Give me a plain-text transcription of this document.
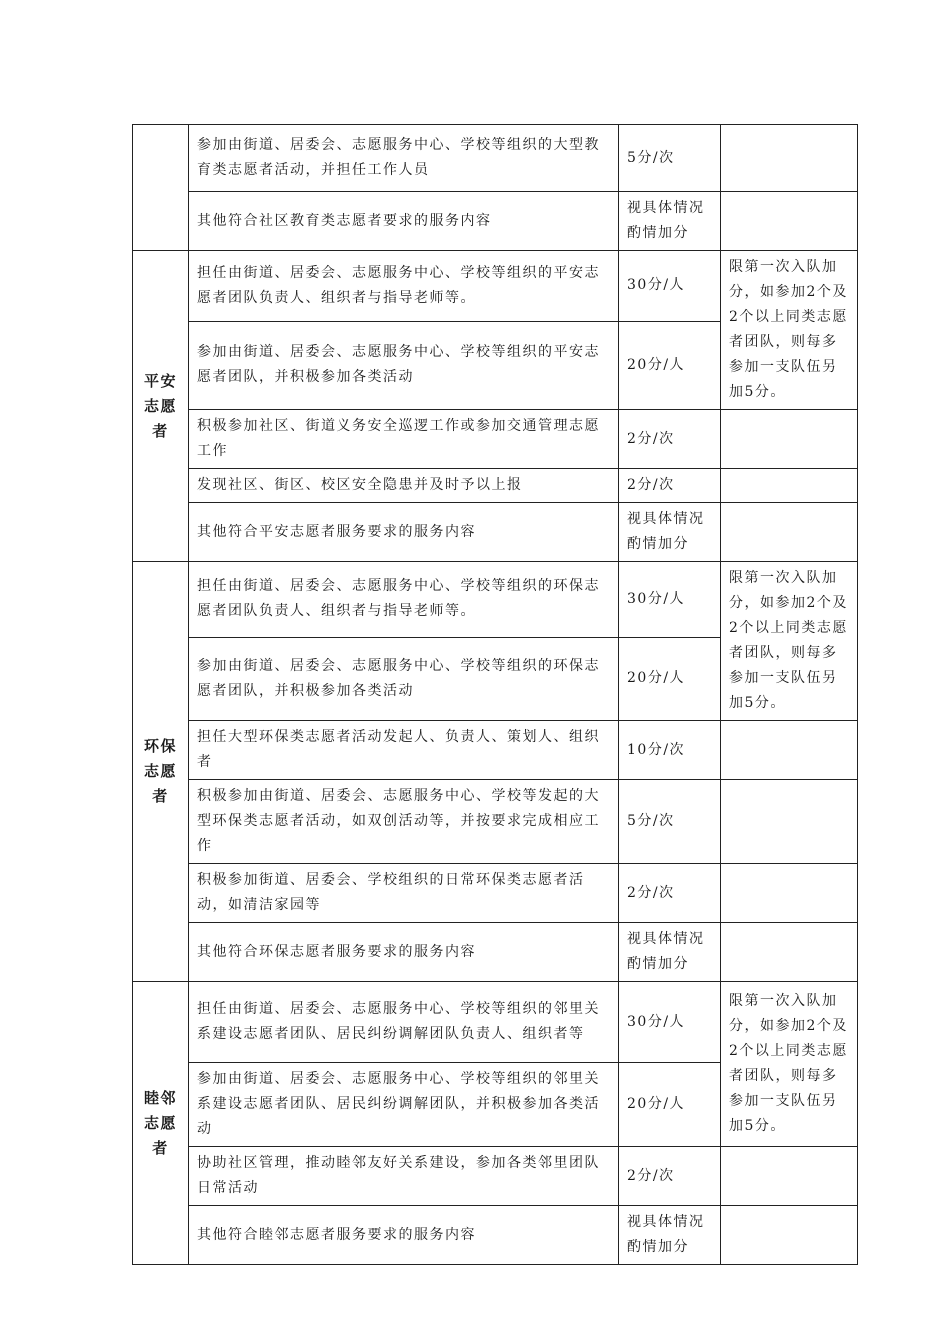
	参加由街道、居委会、志愿服务中心、学校等组织的大型教育类志愿者活动，并担任工作人员	5分/次	
	其他符合社区教育类志愿者要求的服务内容	视具体情况酌情加分	
平安志愿者	担任由街道、居委会、志愿服务中心、学校等组织的平安志愿者团队负责人、组织者与指导老师等。	30分/人	限第一次入队加分，如参加2个及2个以上同类志愿者团队，则每多参加一支队伍另加5分。
	参加由街道、居委会、志愿服务中心、学校等组织的平安志愿者团队，并积极参加各类活动	20分/人	
	积极参加社区、街道义务安全巡逻工作或参加交通管理志愿工作	2分/次	
	发现社区、街区、校区安全隐患并及时予以上报	2分/次	
	其他符合平安志愿者服务要求的服务内容	视具体情况酌情加分	
环保志愿者	担任由街道、居委会、志愿服务中心、学校等组织的环保志愿者团队负责人、组织者与指导老师等。	30分/人	限第一次入队加分，如参加2个及2个以上同类志愿者团队，则每多参加一支队伍另加5分。
	参加由街道、居委会、志愿服务中心、学校等组织的环保志愿者团队，并积极参加各类活动	20分/人	
	担任大型环保类志愿者活动发起人、负责人、策划人、组织者	10分/次	
	积极参加由街道、居委会、志愿服务中心、学校等发起的大型环保类志愿者活动，如双创活动等，并按要求完成相应工作	5分/次	
	积极参加街道、居委会、学校组织的日常环保类志愿者活动，如清洁家园等	2分/次	
	其他符合环保志愿者服务要求的服务内容	视具体情况酌情加分	
睦邻志愿者	担任由街道、居委会、志愿服务中心、学校等组织的邻里关系建设志愿者团队、居民纠纷调解团队负责人、组织者等	30分/人	限第一次入队加分，如参加2个及2个以上同类志愿者团队，则每多参加一支队伍另加5分。
	参加由街道、居委会、志愿服务中心、学校等组织的邻里关系建设志愿者团队、居民纠纷调解团队，并积极参加各类活动	20分/人	
	协助社区管理，推动睦邻友好关系建设，参加各类邻里团队日常活动	2分/次	
	其他符合睦邻志愿者服务要求的服务内容	视具体情况酌情加分	
